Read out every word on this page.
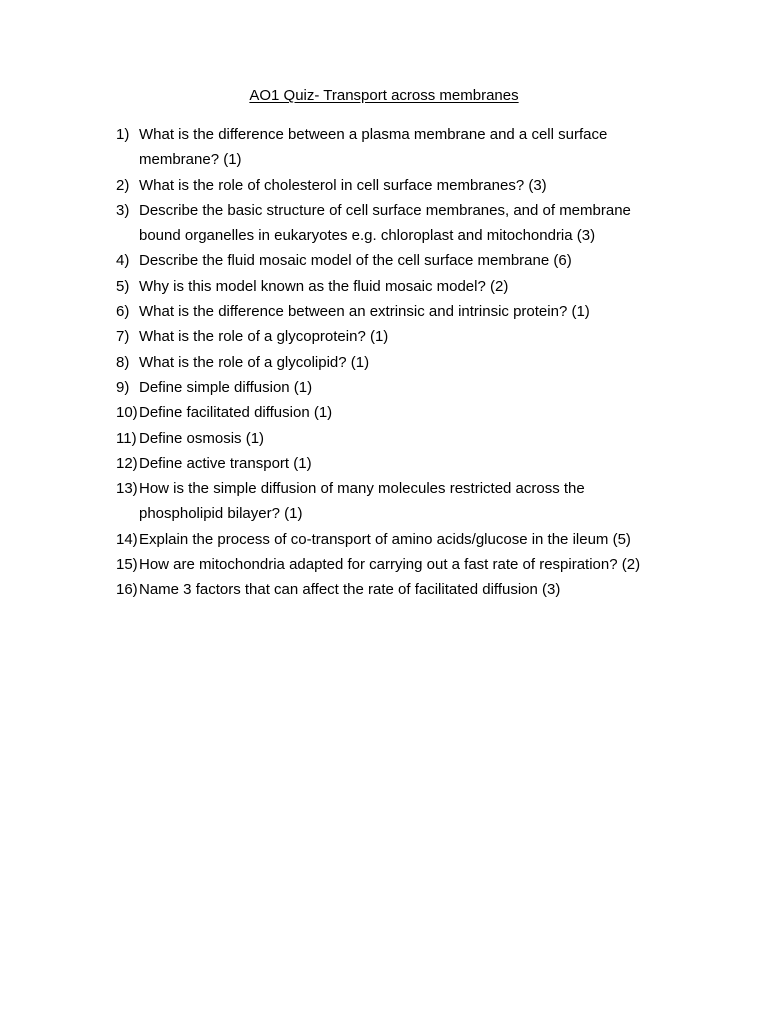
AO1 Quiz- Transport across membranes
1) What is the difference between a plasma membrane and a cell surface
membrane? (1)
2) What is the role of cholesterol in cell surface membranes? (3)
3) Describe the basic structure of cell surface membranes, and of membrane
bound organelles in eukaryotes e.g. chloroplast and mitochondria (3)
4) Describe the fluid mosaic model of the cell surface membrane (6)
5) Why is this model known as the fluid mosaic model? (2)
6) What is the difference between an extrinsic and intrinsic protein? (1)
7) What is the role of a glycoprotein? (1)
8) What is the role of a glycolipid? (1)
9) Define simple diffusion (1)
10) Define facilitated diffusion (1)
11) Define osmosis (1)
12) Define active transport (1)
13) How is the simple diffusion of many molecules restricted across the
phospholipid bilayer? (1)
14) Explain the process of co-transport of amino acids/glucose in the ileum (5)
15) How are mitochondria adapted for carrying out a fast rate of respiration? (2)
16) Name 3 factors that can affect the rate of facilitated diffusion (3)
